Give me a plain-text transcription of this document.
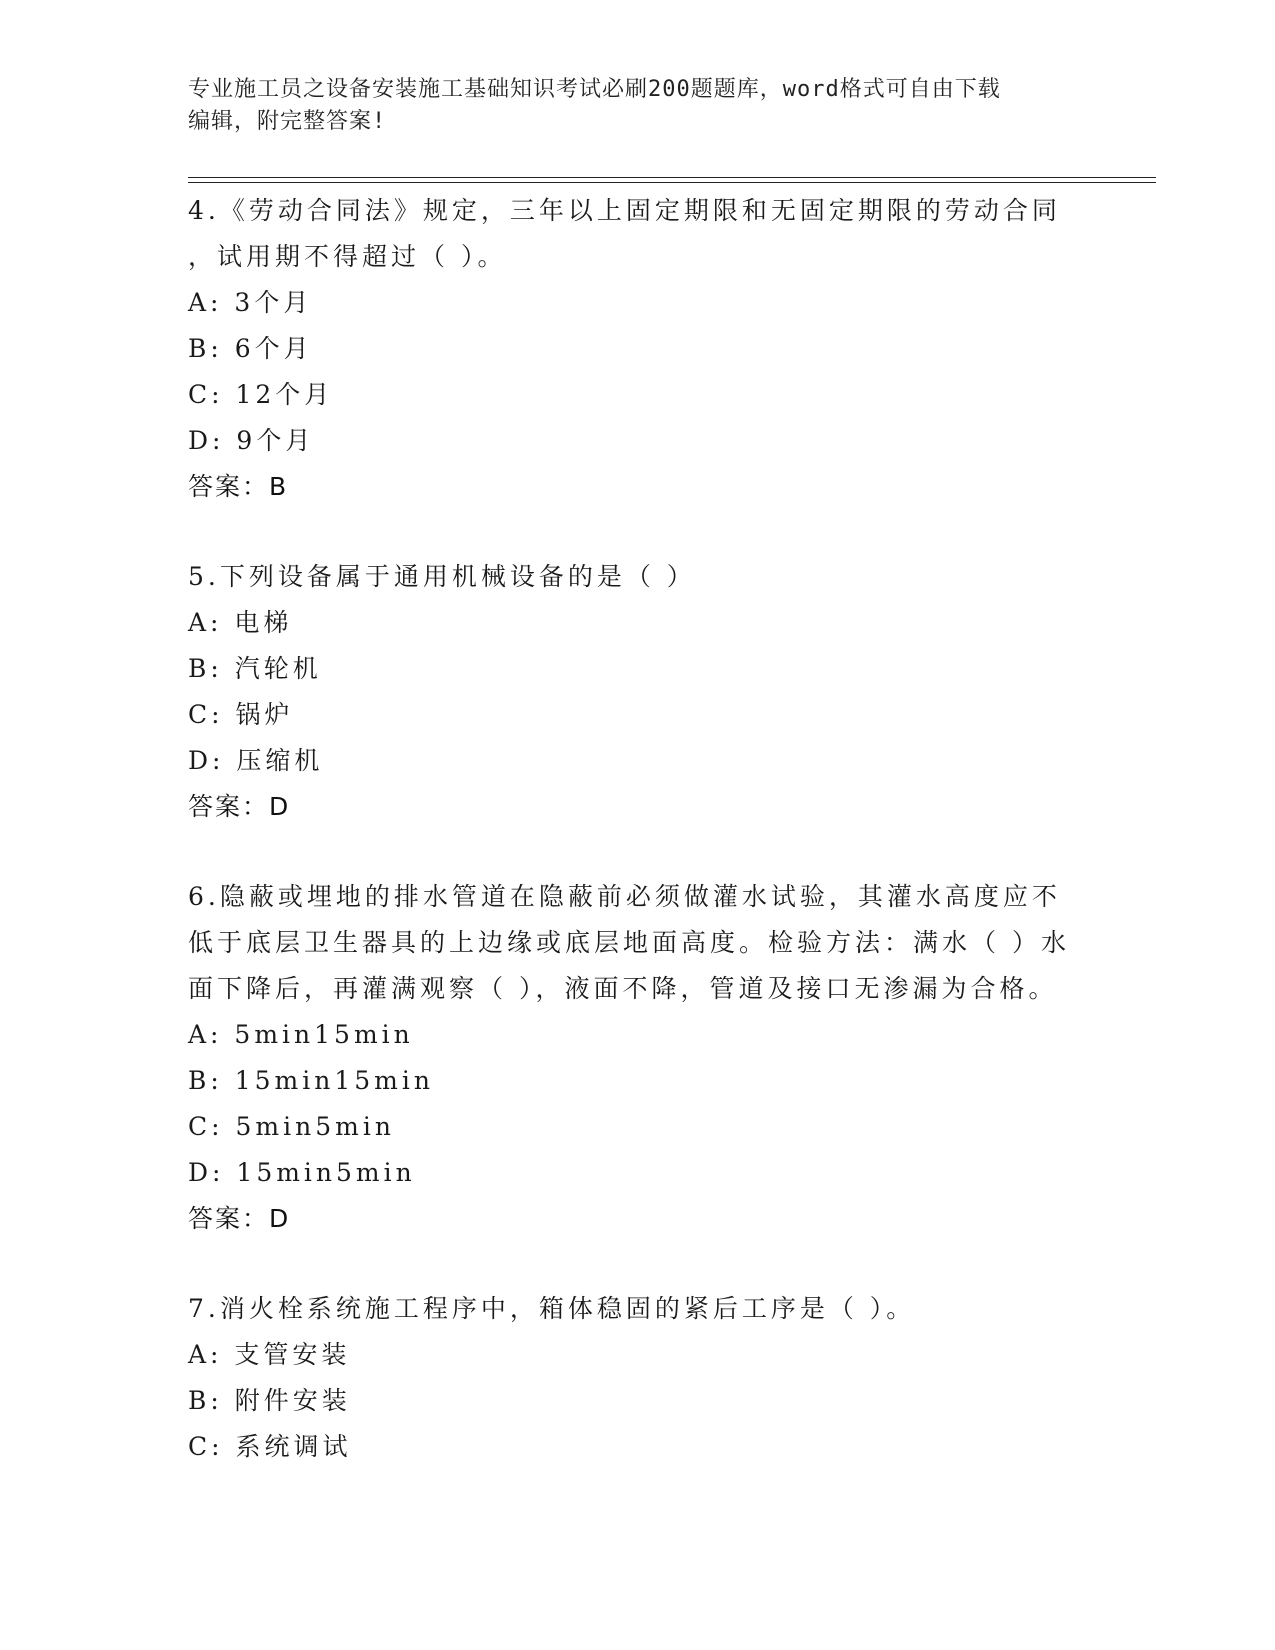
专业施工员之设备安装施工基础知识考试必刷200题题库，word格式可自由下载
编辑，附完整答案!
4.《劳动合同法》规定，三年以上固定期限和无固定期限的劳动合同
，试用期不得超过（ ）。
A: 3个月
B: 6个月
C: 12个月
D: 9个月
答案：B
5.下列设备属于通用机械设备的是（ ）
A: 电梯
B: 汽轮机
C: 锅炉
D: 压缩机
答案：D
6.隐蔽或埋地的排水管道在隐蔽前必须做灌水试验，其灌水高度应不
低于底层卫生器具的上边缘或底层地面高度。检验方法：满水（ ）水
面下降后，再灌满观察（ ），液面不降，管道及接口无渗漏为合格。
A: 5min15min
B: 15min15min
C: 5min5min
D: 15min5min
答案：D
7.消火栓系统施工程序中，箱体稳固的紧后工序是（ ）。
A: 支管安装
B: 附件安装
C: 系统调试
